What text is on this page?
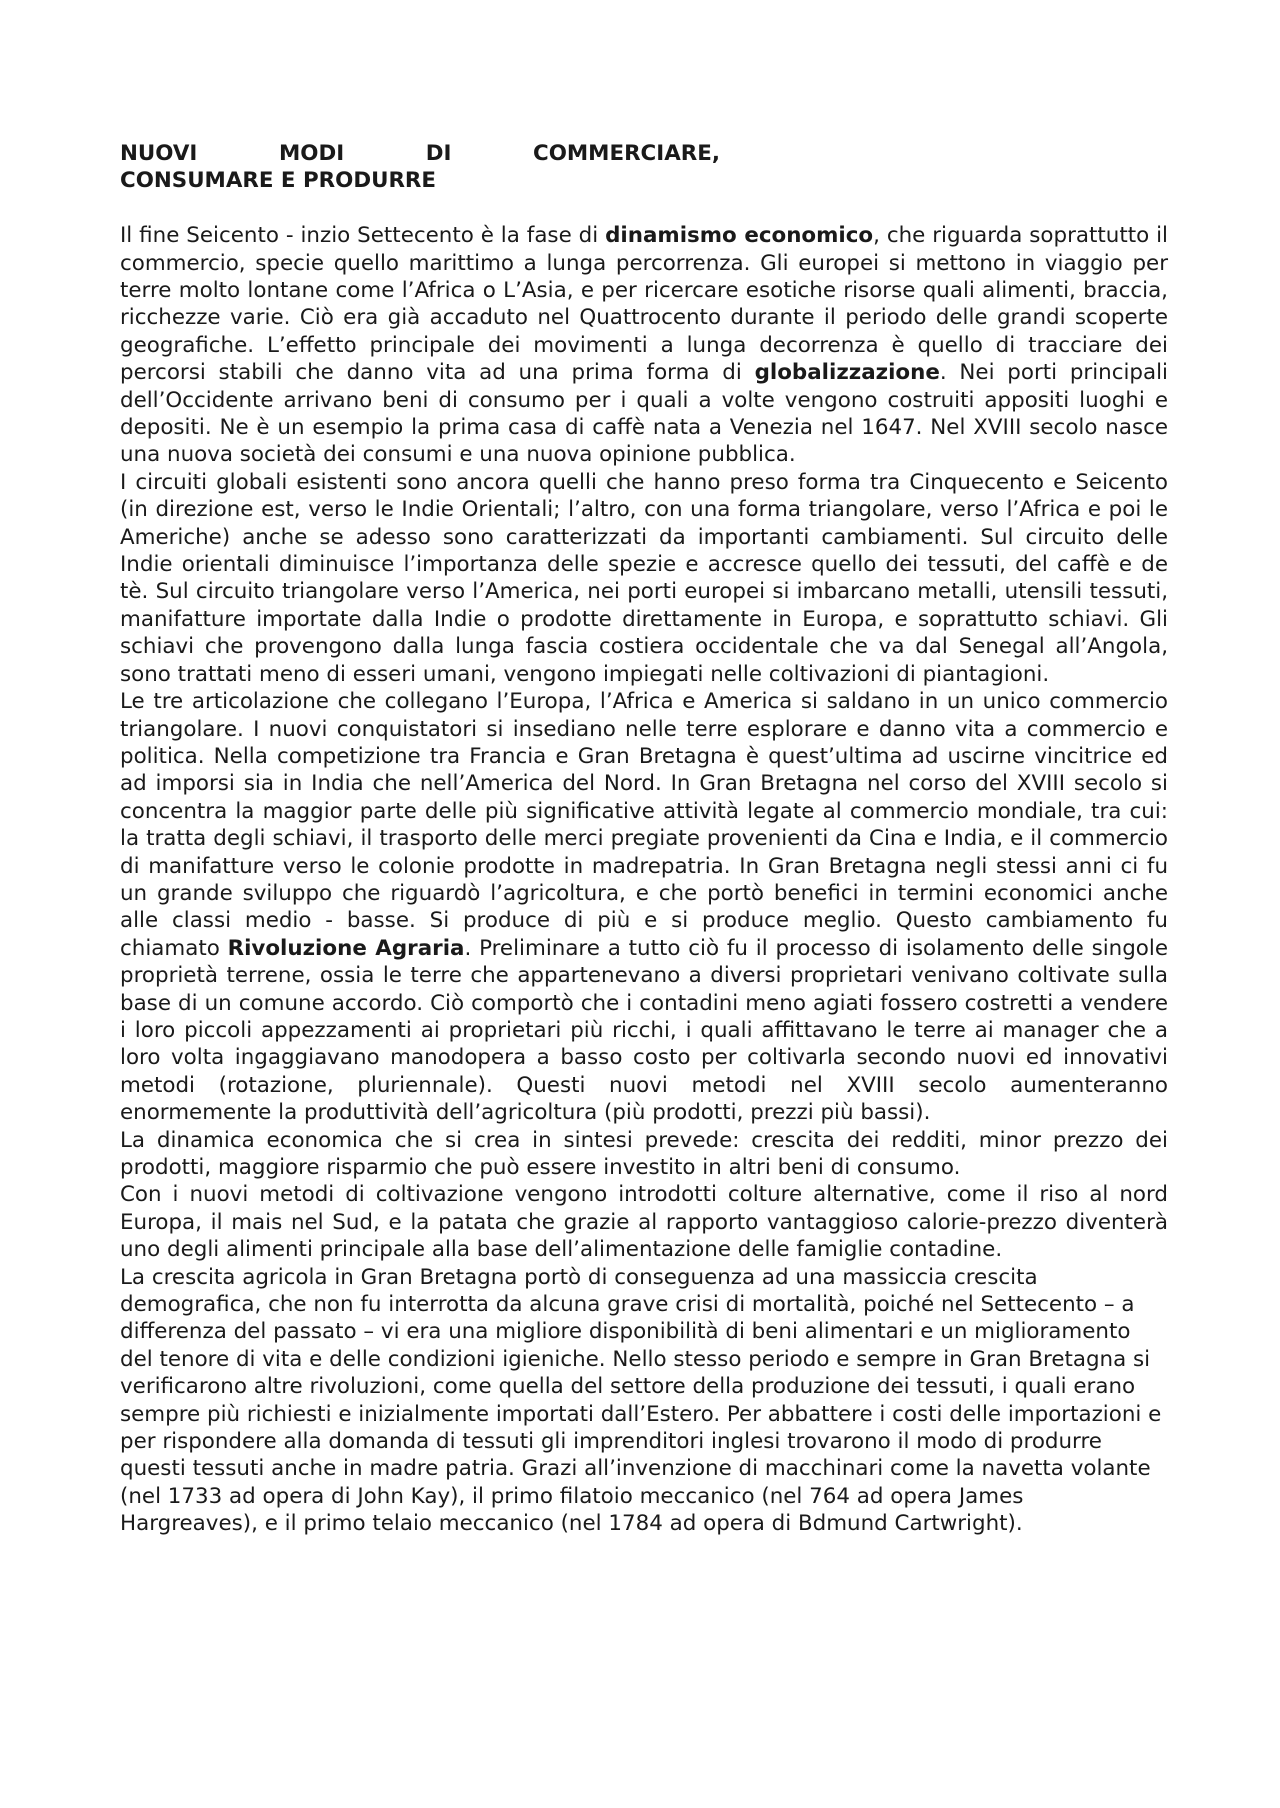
NUOVI	MODI	DI	COMMERCIARE,
CONSUMARE E PRODURRE

Il fine Seicento - inzio Settecento è la fase di dinamismo economico, che riguarda soprattutto il commercio, specie quello marittimo a lunga percorrenza. Gli europei si mettono in viaggio per terre molto lontane come l’Africa o L’Asia, e per ricercare esotiche risorse quali alimenti, braccia, ricchezze varie. Ciò era già accaduto nel Quattrocento durante il periodo delle grandi scoperte geografiche. L’effetto principale dei movimenti a lunga decorrenza è quello di tracciare dei percorsi stabili che danno vita ad una prima forma di globalizzazione. Nei porti principali dell’Occidente arrivano beni di consumo per i quali a volte vengono costruiti appositi luoghi e depositi. Ne è un esempio la prima casa di caffè nata a Venezia nel 1647. Nel XVIII secolo nasce una nuova società dei consumi e una nuova opinione pubblica.

I circuiti globali esistenti sono ancora quelli che hanno preso forma tra Cinquecento e Seicento (in direzione est, verso le Indie Orientali; l’altro, con una forma triangolare, verso l’Africa e poi le Americhe) anche se adesso sono caratterizzati da importanti cambiamenti. Sul circuito delle Indie orientali diminuisce l’importanza delle spezie e accresce quello dei tessuti, del caffè e de tè. Sul circuito triangolare verso l’America, nei porti europei si imbarcano metalli, utensili tessuti, manifatture importate dalla Indie o prodotte direttamente in Europa, e soprattutto schiavi. Gli schiavi che provengono dalla lunga fascia costiera occidentale che va dal Senegal all’Angola, sono trattati meno di esseri umani, vengono impiegati nelle coltivazioni di piantagioni.

Le tre articolazione che collegano l’Europa, l’Africa e America si saldano in un unico commercio triangolare. I nuovi conquistatori si insediano nelle terre esplorare e danno vita a commercio e politica. Nella competizione tra Francia e Gran Bretagna è quest’ultima ad uscirne vincitrice ed ad imporsi sia in India che nell’America del Nord. In Gran Bretagna nel corso del XVIII secolo si concentra la maggior parte delle più significative attività legate al commercio mondiale, tra cui: la tratta degli schiavi, il trasporto delle merci pregiate provenienti da Cina e India, e il commercio di manifatture verso le colonie prodotte in madrepatria. In Gran Bretagna negli stessi anni ci fu un grande sviluppo che riguardò l’agricoltura, e che portò benefici in termini economici anche alle classi medio - basse. Si produce di più e si produce meglio. Questo cambiamento fu chiamato Rivoluzione Agraria. Preliminare a tutto ciò fu il processo di isolamento delle singole proprietà terrene, ossia le terre che appartenevano a diversi proprietari venivano coltivate sulla base di un comune accordo. Ciò comportò che i contadini meno agiati fossero costretti a vendere i loro piccoli appezzamenti ai proprietari più ricchi, i quali affittavano le terre ai manager che a loro volta ingaggiavano manodopera a basso costo per coltivarla secondo nuovi ed innovativi metodi (rotazione, pluriennale). Questi nuovi metodi nel XVIII secolo aumenteranno enormemente la produttività dell’agricoltura (più prodotti, prezzi più bassi).

La dinamica economica che si crea in sintesi prevede: crescita dei redditi, minor prezzo dei prodotti, maggiore risparmio che può essere investito in altri beni di consumo.

Con i nuovi metodi di coltivazione vengono introdotti colture alternative, come il riso al nord Europa, il mais nel Sud, e la patata che grazie al rapporto vantaggioso calorie-prezzo diventerà uno degli alimenti principale alla base dell’alimentazione delle famiglie contadine.

La crescita agricola in Gran Bretagna portò di conseguenza ad una massiccia crescita demografica, che non fu interrotta da alcuna grave crisi di mortalità, poiché nel Settecento – a differenza del passato – vi era una migliore disponibilità di beni alimentari e un miglioramento del tenore di vita e delle condizioni igieniche. Nello stesso periodo e sempre in Gran Bretagna si verificarono altre rivoluzioni, come quella del settore della produzione dei tessuti, i quali erano sempre più richiesti e inizialmente importati dall’Estero. Per abbattere i costi delle importazioni e per rispondere alla domanda di tessuti gli imprenditori inglesi trovarono il modo di produrre questi tessuti anche in madre patria. Grazi all’invenzione di macchinari come la navetta volante (nel 1733 ad opera di John Kay), il primo filatoio meccanico (nel 764 ad opera James Hargreaves), e il primo telaio meccanico (nel 1784 ad opera di Bdmund Cartwright).
